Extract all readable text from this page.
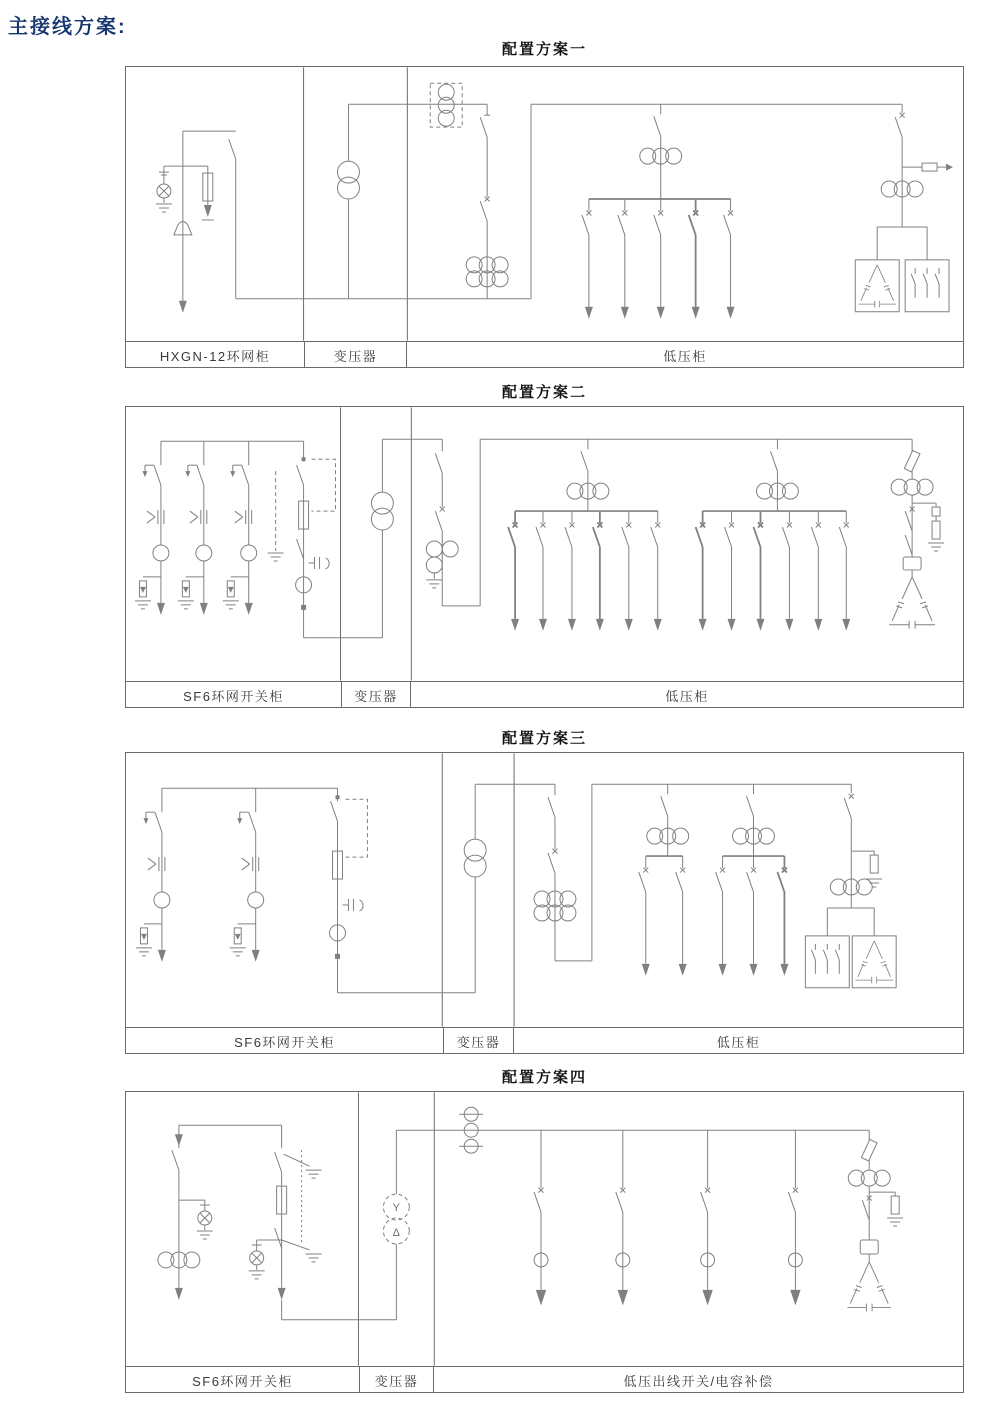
主接线方案:
配置方案一
HXGN-12环网柜	变压器	低压柜
配置方案二
SF6环网开关柜	变压器	低压柜
配置方案三
SF6环网开关柜	变压器	低压柜
配置方案四
Y
Δ
SF6环网开关柜	变压器	低压出线开关/电容补偿
